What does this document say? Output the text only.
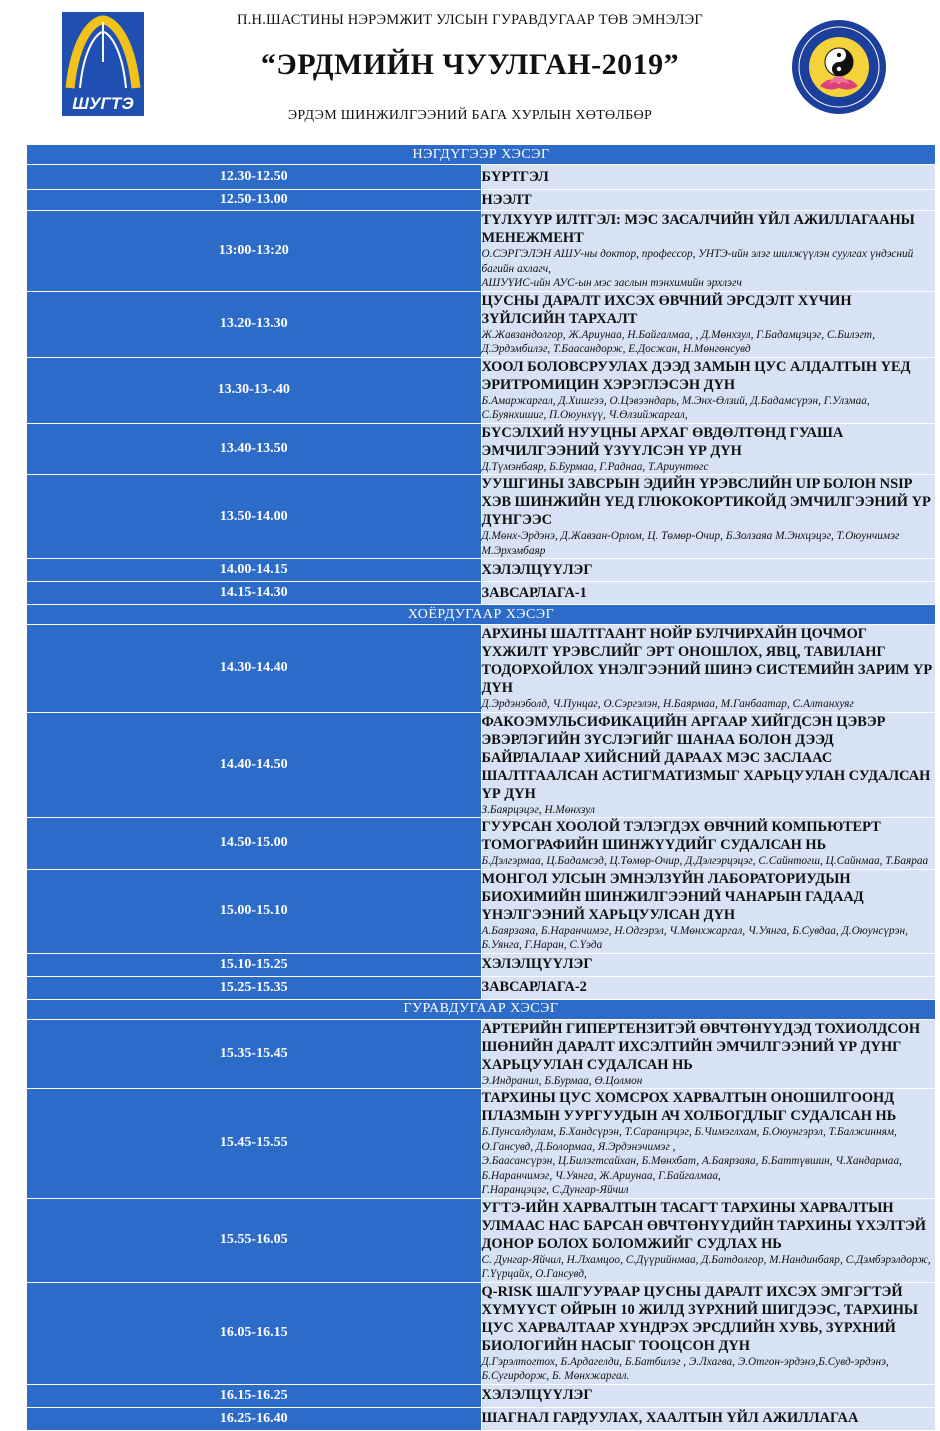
ШУГТЭ
П.Н.ШАСТИНЫ НЭРЭМЖИТ УЛСЫН ГУРАВДУГААР ТӨВ ЭМНЭЛЭГ
“ЭРДМИЙН ЧУУЛГАН-2019”
ЭРДЭМ ШИНЖИЛГЭЭНИЙ БАГА ХУРЛЫН ХӨТӨЛБӨР
НЭГДҮГЭЭР ХЭСЭГ	
12.30-12.50	БҮРТГЭЛ

12.50-13.00	НЭЭЛТ

13:00-13:20	ТҮЛХҮҮР ИЛТГЭЛ: МЭС ЗАСАЛЧИЙН ҮЙЛ АЖИЛЛАГААНЫ МЕНЕЖМЕНТ
О.СЭРГЭЛЭН АШУ-ны доктор, профессор, УНТЭ-ийн элэг шилжүүлэн суулгах үндэсний багийн ахлагч,
АШУҮИС-ийн АУС-ын мэс заслын тэнхимийн эрхлэгч

13.20-13.30	ЦУСНЫ ДАРАЛТ ИХСЭХ ӨВЧНИЙ ЭРСДЭЛТ ХҮЧИН ЗҮЙЛСИЙН ТАРХАЛТ
Ж.Жавзандолгор, Ж.Ариунаа, Н.Байгалмаа, , Д.Мөнхзул, Г.Бадамцэцэг, С.Билэгт, Д.Эрдэмбилэг, Т.Баасандорж, Е.Досжан, Н.Мөнгөнсувд

13.30-13-.40	ХООЛ БОЛОВСРУУЛАХ ДЭЭД ЗАМЫН ЦУС АЛДАЛТЫН ҮЕД ЭРИТРОМИЦИН ХЭРЭГЛЭСЭН ДҮН
Б.Амаржаргал, Д.Хишгээ, О.Цэвээндарь, М.Энх-Өлзий, Д.Бадамсүрэн, Г.Улзмаа, С.Буянхишиг, П.Оюунхүү, Ч.Өлзийжаргал,

13.40-13.50	БҮСЭЛХИЙ НУУЦНЫ АРХАГ ӨВДӨЛТӨНД ГУАША ЭМЧИЛГЭЭНИЙ ҮЗҮҮЛСЭН ҮР ДҮН
Д.Түмэнбаяр, Б.Бурмаа, Г.Раднаа, Т.Ариунтөгс

13.50-14.00	УУШГИНЫ ЗАВСРЫН ЭДИЙН ҮРЭВСЛИЙН UIP БОЛОН NSIP ХЭВ ШИНЖИЙН ҮЕД ГЛЮКОКОРТИКОЙД ЭМЧИЛГЭЭНИЙ ҮР ДҮНГЭЭС
Д.Мөнх-Эрдэнэ, Д.Жавзан-Орлом, Ц. Төмөр-Очир, Б.Золзаяа М.Энхцэцэг, Т.Оюунчимэг М.Эрхэмбаяр

14.00-14.15	ХЭЛЭЛЦҮҮЛЭГ

14.15-14.30	ЗАВСАРЛАГА-1

ХОЁРДУГААР ХЭСЭГ	
14.30-14.40	АРХИНЫ ШАЛТГААНТ НОЙР БУЛЧИРХАЙН ЦОЧМОГ ҮХЖИЛТ ҮРЭВСЛИЙГ ЭРТ ОНОШЛОХ, ЯВЦ, ТАВИЛАНГ ТОДОРХОЙЛОХ ҮНЭЛГЭЭНИЙ ШИНЭ СИСТЕМИЙН ЗАРИМ ҮР ДҮН
Д.Эрдэнэболд, Ч.Пунцаг, О.Сэргэлэн, Н.Баярмаа, М.Ганбаатар, С.Алтанхуяг

14.40-14.50	ФАКОЭМУЛЬСИФИКАЦИЙН АРГААР ХИЙГДСЭН ЦЭВЭР ЭВЭРЛЭГИЙН ЗҮСЛЭГИЙГ ШАНАА БОЛОН ДЭЭД БАЙРЛАЛААР ХИЙСНИЙ ДАРААХ МЭС ЗАСЛААС ШАЛТГААЛСАН АСТИГМАТИЗМЫГ ХАРЬЦУУЛАН СУДАЛСАН ҮР ДҮН
З.Баярцэцэг, Н.Мөнхзул

14.50-15.00	ГУУРСАН ХООЛОЙ ТЭЛЭГДЭХ ӨВЧНИЙ КОМПЬЮТЕРТ ТОМОГРАФИЙН ШИНЖҮҮДИЙГ СУДАЛСАН НЬ
Б.Дэлгэрмаа, Ц.Бадамсэд, Ц.Төмөр-Очир, Д.Дэлгэрцэцэг, С.Сайнтогш, Ц.Сайнмаа, Т.Баяраа

15.00-15.10	МОНГОЛ УЛСЫН ЭМНЭЛЗҮЙН ЛАБОРАТОРИУДЫН БИОХИМИЙН ШИНЖИЛГЭЭНИЙ ЧАНАРЫН ГАДААД ҮНЭЛГЭЭНИЙ ХАРЬЦУУЛСАН ДҮН
А.Баярзаяа, Б.Наранчимэг, Н.Одгэрэл, Ч.Мөнхжаргал, Ч.Уянга, Б.Сувдаа, Д.Оюунсүрэн, Б.Уянга, Г.Наран, С.Үэда

15.10-15.25	ХЭЛЭЛЦҮҮЛЭГ

15.25-15.35	ЗАВСАРЛАГА-2

ГУРАВДУГААР ХЭСЭГ	
15.35-15.45	АРТЕРИЙН ГИПЕРТЕНЗИТЭЙ ӨВЧТӨНҮҮДЭД ТОХИОЛДСОН ШӨНИЙН ДАРАЛТ ИХСЭЛТИЙН ЭМЧИЛГЭЭНИЙ ҮР ДҮНГ ХАРЬЦУУЛАН СУДАЛСАН НЬ
Э.Индранил, Б.Бурмаа, Ө.Цолмон

15.45-15.55	ТАРХИНЫ ЦУС ХОМСРОХ ХАРВАЛТЫН ОНОШИЛГООНД ПЛАЗМЫН УУРГУУДЫН АЧ ХОЛБОГДЛЫГ СУДАЛСАН НЬ
Б.Пунсалдулам, Б.Хандсүрэн, Т.Саранцэцэг, Б.Чимэглхам, Б.Оюунгэрэл, Т.Балжинням, О.Гансувд, Д.Болормаа, Я.Эрдэнэчимэг ,
Э.Баасансүрэн, Ц.Билэгтсайхан, Б.Мөнхбат, А.Баярзаяа, Б.Баттүвшин, Ч.Хандармаа, Б.Наранчимэг, Ч.Уянга, Ж.Ариунаа, Г.Байгалмаа,
Г.Наранцэцэг, С.Дунгар-Яйчил

15.55-16.05	УГТЭ-ИЙН ХАРВАЛТЫН ТАСАГТ ТАРХИНЫ ХАРВАЛТЫН УЛМААС НАС БАРСАН ӨВЧТӨНҮҮДИЙН ТАРХИНЫ ҮХЭЛТЭЙ ДОНОР БОЛОХ БОЛОМЖИЙГ СУДЛАХ НЬ
С. Дунгар-Яйчил, Н.Лхамцоо, С.Дүүрийнмаа, Д.Батдолгор, М.Нандинбаяр, С.Дэмбэрэлдорж, Г.Үүрцайх, О.Гансувд,

16.05-16.15	Q-RISK ШАЛГУУРААР ЦУСНЫ ДАРАЛТ ИХСЭХ ЭМГЭГТЭЙ ХҮМҮҮСТ ОЙРЫН 10 ЖИЛД ЗҮРХНИЙ ШИГДЭЭС, ТАРХИНЫ ЦУС ХАРВАЛТААР ХҮНДРЭХ ЭРСДЛИЙН ХУВЬ, ЗҮРХНИЙ БИОЛОГИЙН НАСЫГ ТООЦСОН ДҮН
Д.Гэрэлтогтох, Б.Ардагелди, Б.Батбилэг , Э.Лхагва, Э.Отгон-эрдэнэ,Б.Сувд-эрдэнэ, Б.Сугирдорж, Б. Мөнхжаргал.

16.15-16.25	ХЭЛЭЛЦҮҮЛЭГ

16.25-16.40	ШАГНАЛ ГАРДУУЛАХ, ХААЛТЫН ҮЙЛ АЖИЛЛАГАА
